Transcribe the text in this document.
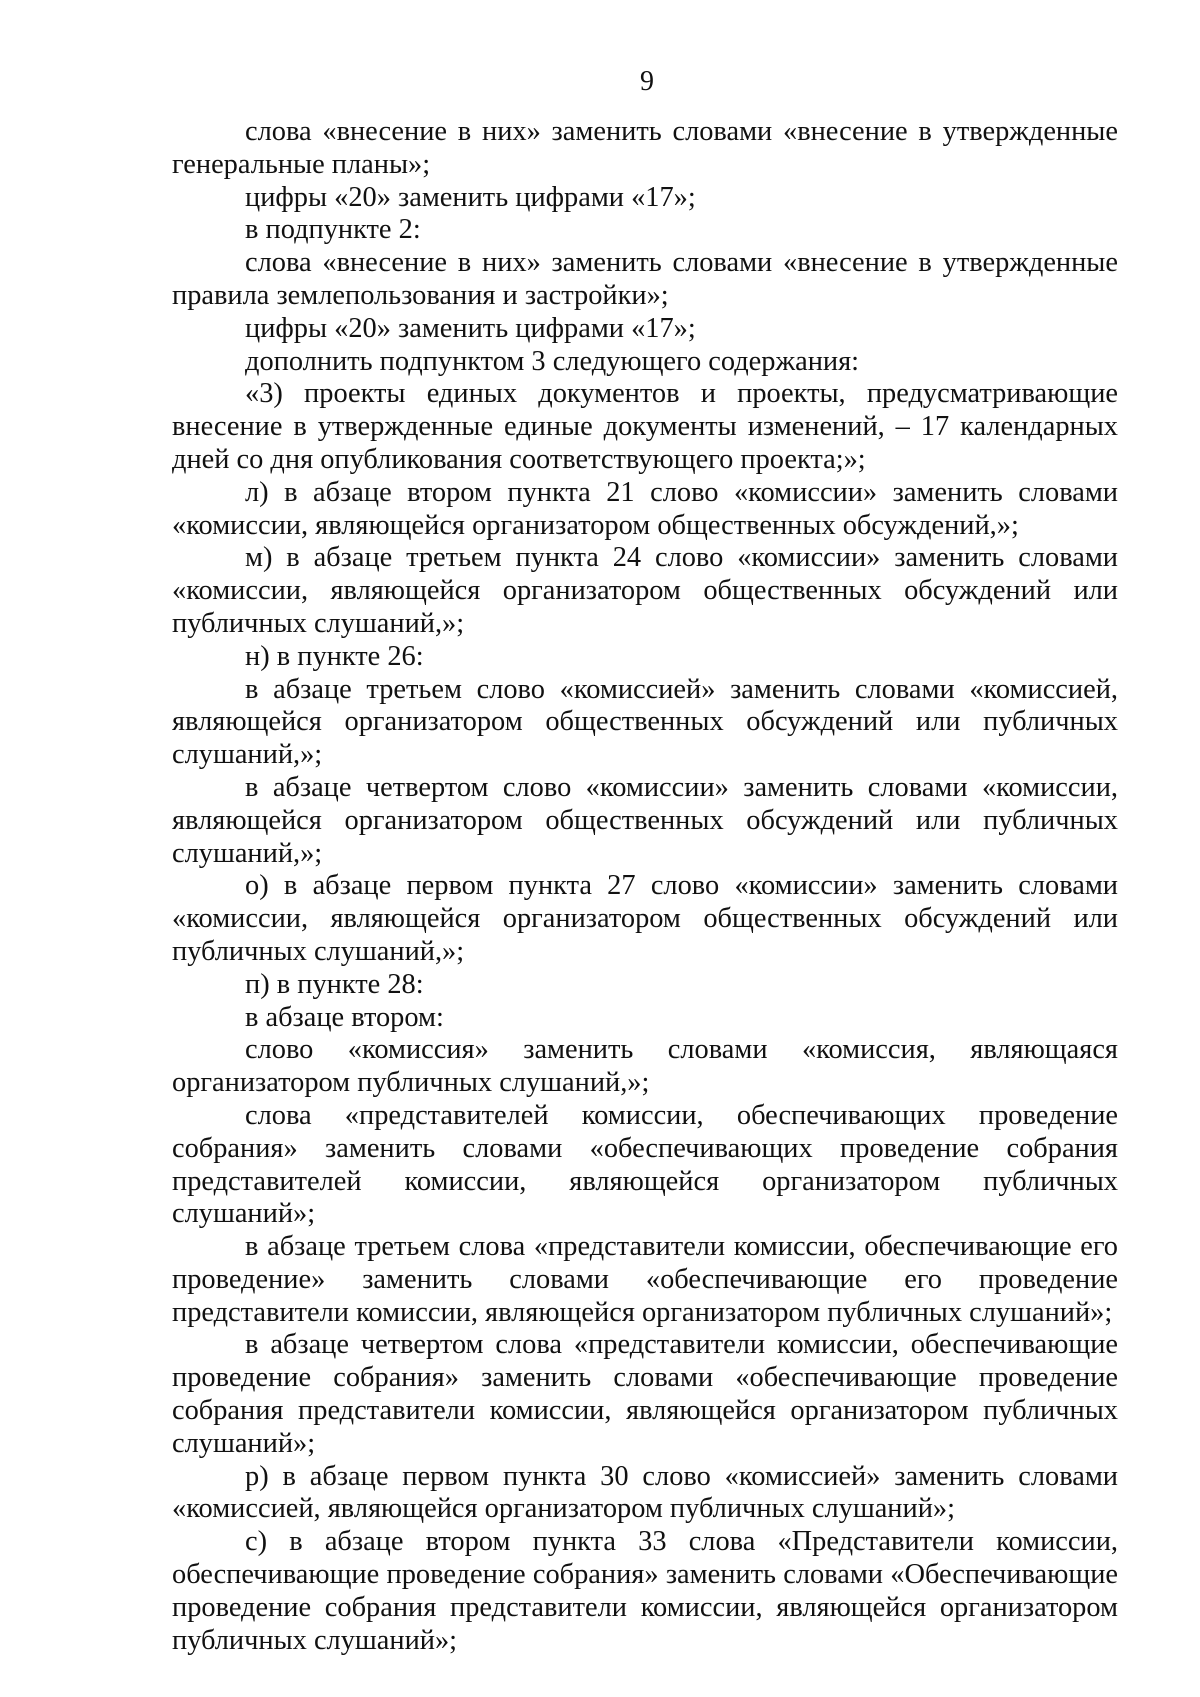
9

слова «внесение в них» заменить словами «внесение в утвержденные генеральные планы»;

цифры «20» заменить цифрами «17»;

в подпункте 2:

слова «внесение в них» заменить словами «внесение в утвержденные правила землепользования и застройки»;

цифры «20» заменить цифрами «17»;

дополнить подпунктом 3 следующего содержания:

«3) проекты единых документов и проекты, предусматривающие внесение в утвержденные единые документы изменений, – 17 календарных дней со дня опубликования соответствующего проекта;»;

л) в абзаце втором пункта 21 слово «комиссии» заменить словами «комиссии, являющейся организатором общественных обсуждений,»;

м) в абзаце третьем пункта 24 слово «комиссии» заменить словами «комиссии, являющейся организатором общественных обсуждений или публичных слушаний,»;

н) в пункте 26:

в абзаце третьем слово «комиссией» заменить словами «комиссией, являющейся организатором общественных обсуждений или публичных слушаний,»;

в абзаце четвертом слово «комиссии» заменить словами «комиссии, являющейся организатором общественных обсуждений или публичных слушаний,»;

о) в абзаце первом пункта 27 слово «комиссии» заменить словами «комиссии, являющейся организатором общественных обсуждений или публичных слушаний,»;

п) в пункте 28:

в абзаце втором:

слово «комиссия» заменить словами «комиссия, являющаяся организатором публичных слушаний,»;

слова «представителей комиссии, обеспечивающих проведение собрания» заменить словами «обеспечивающих проведение собрания представителей комиссии, являющейся организатором публичных слушаний»;

в абзаце третьем слова «представители комиссии, обеспечивающие его проведение» заменить словами «обеспечивающие его проведение представители комиссии, являющейся организатором публичных слушаний»;

в абзаце четвертом слова «представители комиссии, обеспечивающие проведение собрания» заменить словами «обеспечивающие проведение собрания представители комиссии, являющейся организатором публичных слушаний»;

р) в абзаце первом пункта 30 слово «комиссией» заменить словами «комиссией, являющейся организатором публичных слушаний»;

с) в абзаце втором пункта 33 слова «Представители комиссии, обеспечивающие проведение собрания» заменить словами «Обеспечивающие проведение собрания представители комиссии, являющейся организатором публичных слушаний»;
